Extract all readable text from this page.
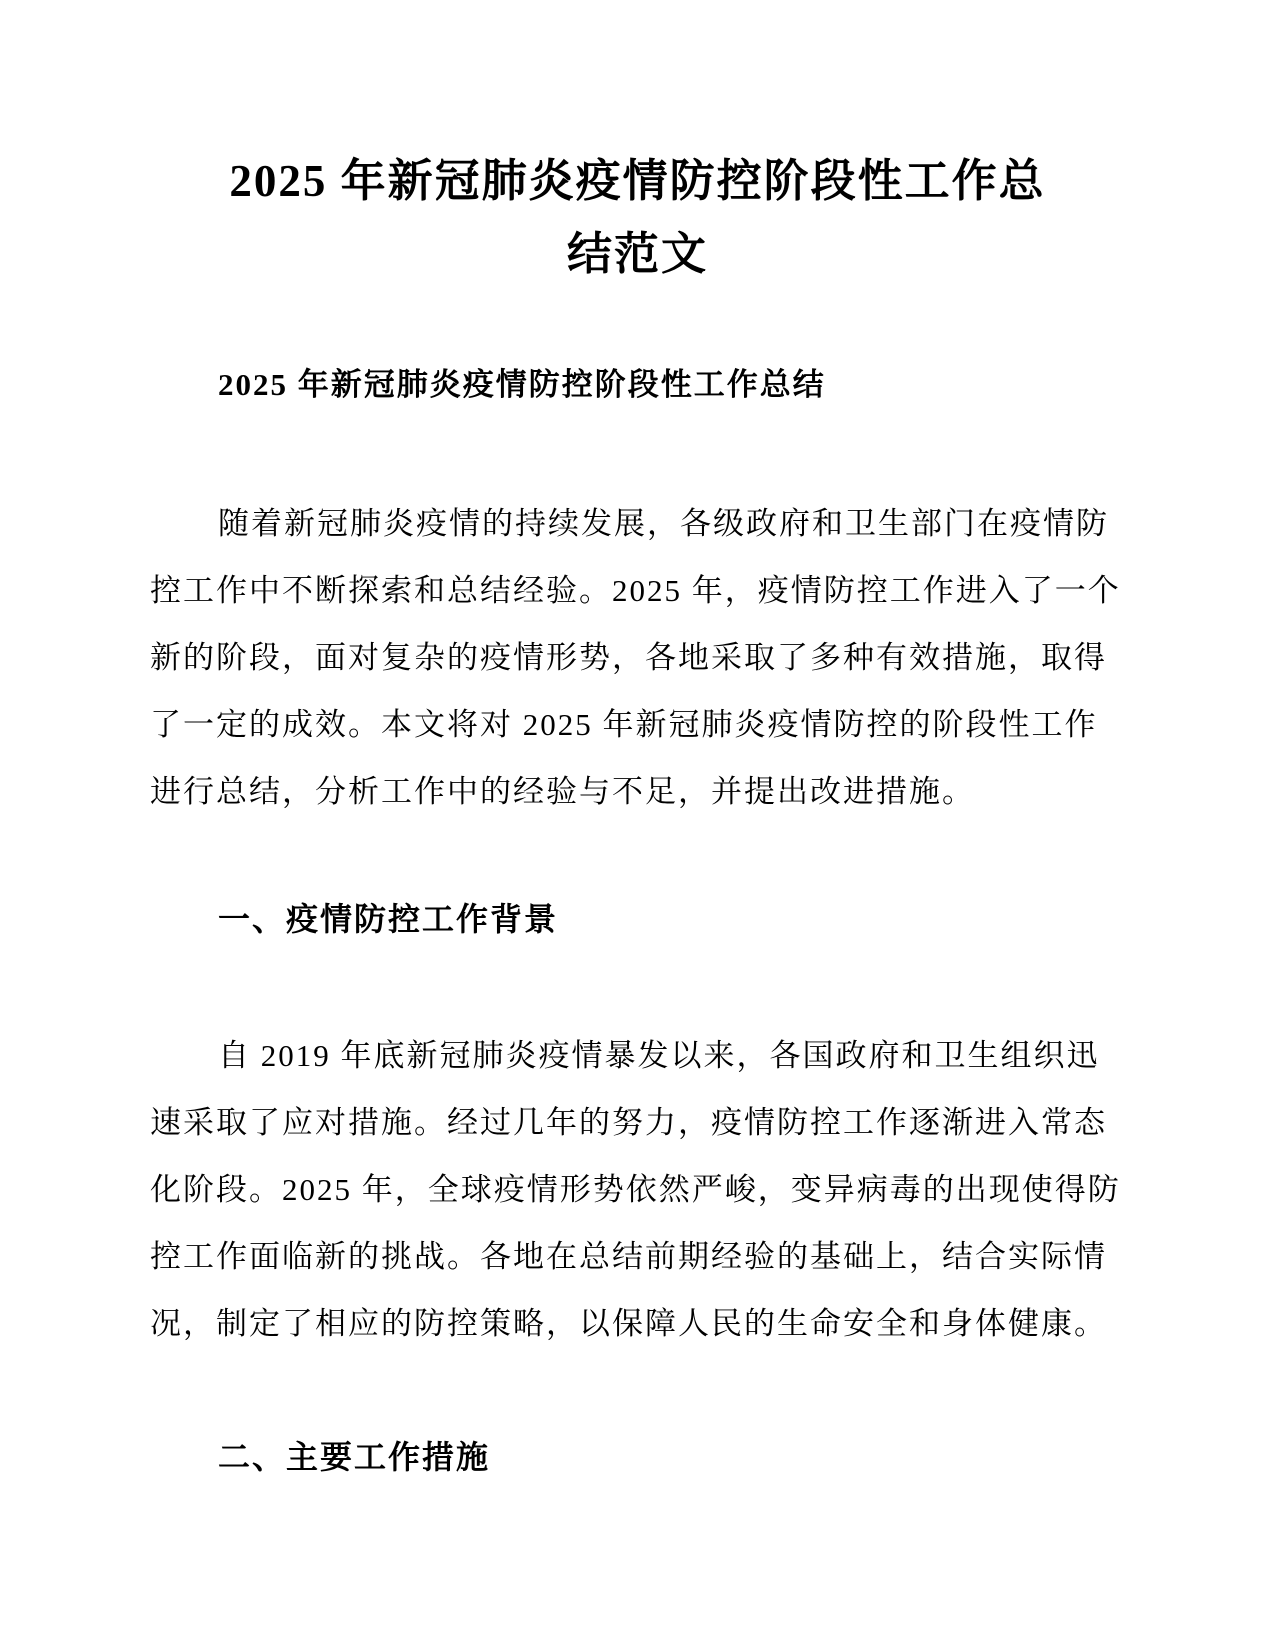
2025 年新冠肺炎疫情防控阶段性工作总
结范文

2025 年新冠肺炎疫情防控阶段性工作总结

随着新冠肺炎疫情的持续发展，各级政府和卫生部门在疫情防
控工作中不断探索和总结经验。2025 年，疫情防控工作进入了一个
新的阶段，面对复杂的疫情形势，各地采取了多种有效措施，取得
了一定的成效。本文将对 2025 年新冠肺炎疫情防控的阶段性工作
进行总结，分析工作中的经验与不足，并提出改进措施。
一、疫情防控工作背景
自 2019 年底新冠肺炎疫情暴发以来，各国政府和卫生组织迅
速采取了应对措施。经过几年的努力，疫情防控工作逐渐进入常态
化阶段。2025 年，全球疫情形势依然严峻，变异病毒的出现使得防
控工作面临新的挑战。各地在总结前期经验的基础上，结合实际情
况，制定了相应的防控策略，以保障人民的生命安全和身体健康。
二、主要工作措施
